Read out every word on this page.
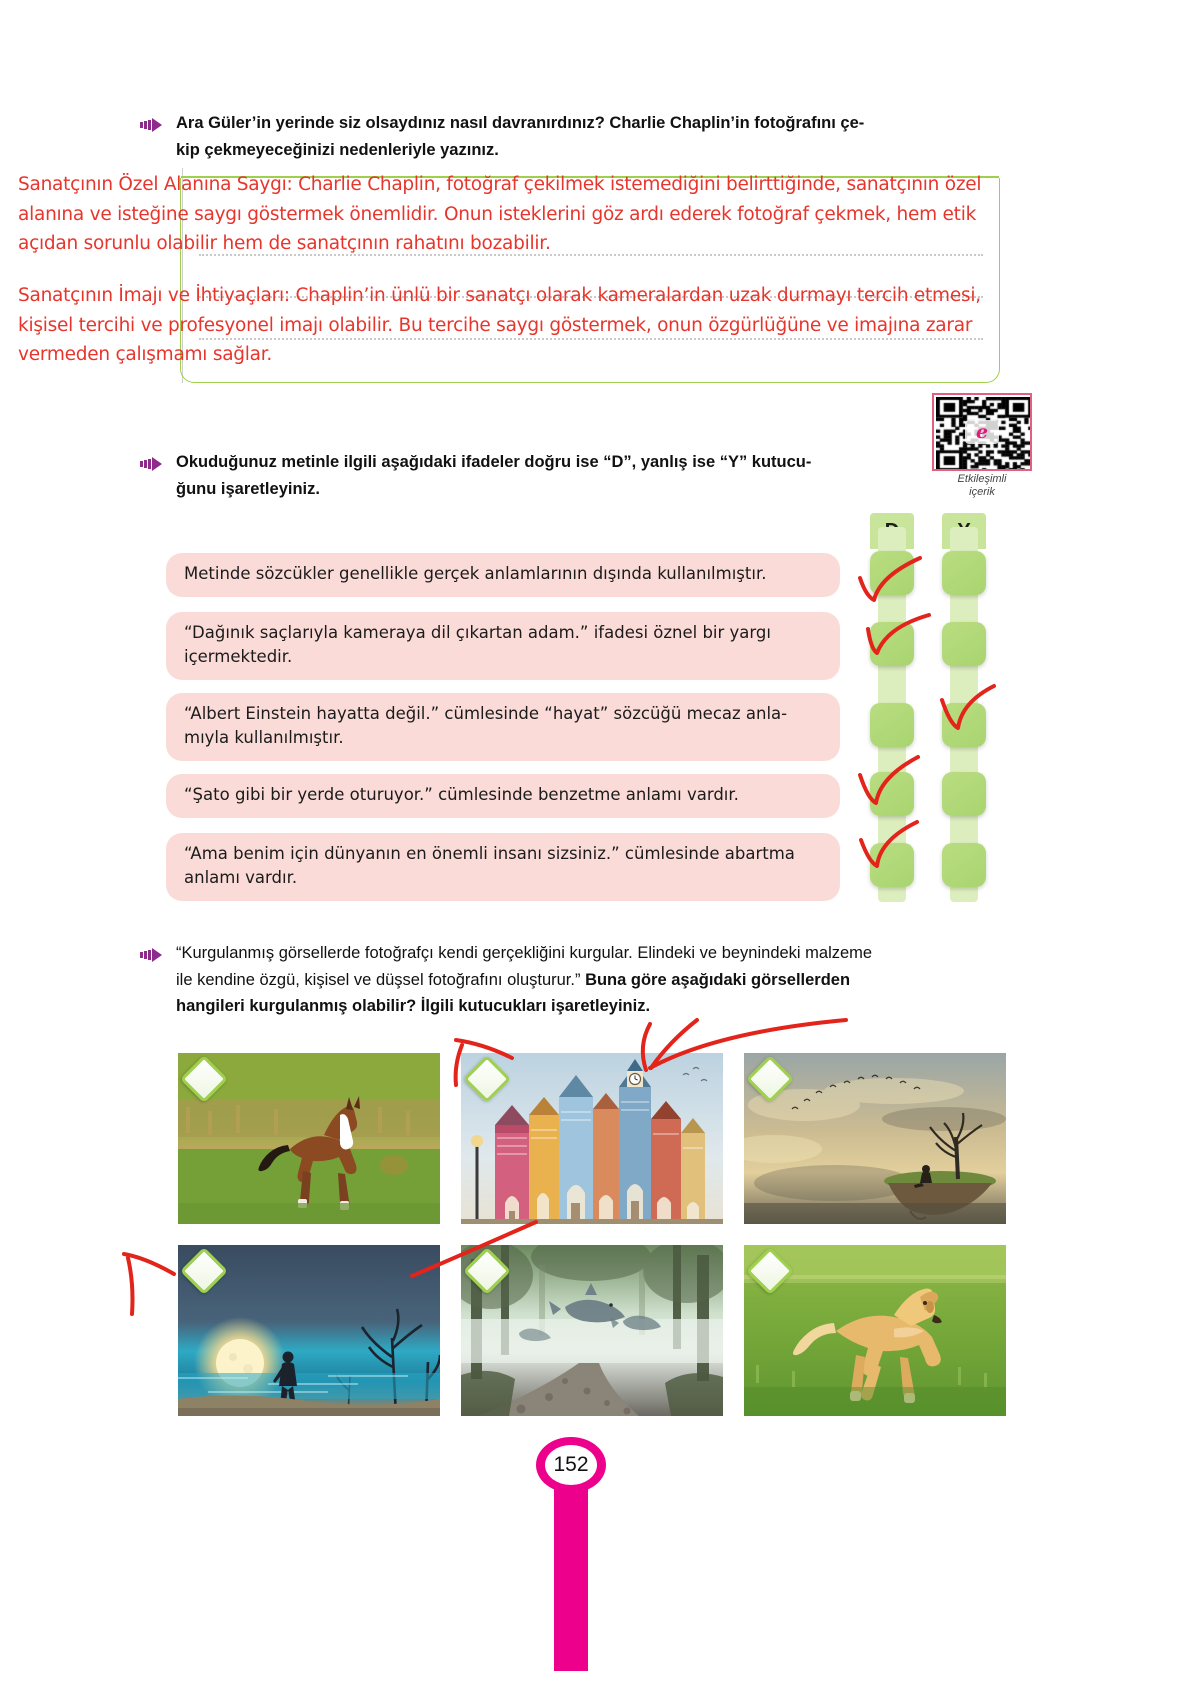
Ara Güler’in yerinde siz olsaydınız nasıl davranırdınız? Charlie Chaplin’in fotoğrafını çe-
kip çekmeyeceğinizi nedenleriyle yazınız.
Sanatçının Özel Alanına Saygı: Charlie Chaplin, fotoğraf çekilmek istemediğini belirttiğinde, sanatçının özel
alanına ve isteğine saygı göstermek önemlidir. Onun isteklerini göz ardı ederek fotoğraf çekmek, hem etik
açıdan sorunlu olabilir hem de sanatçının rahatını bozabilir.
Sanatçının İmajı ve İhtiyaçları: Chaplin’in ünlü bir sanatçı olarak kameralardan uzak durmayı tercih etmesi,
kişisel tercihi ve profesyonel imajı olabilir. Bu tercihe saygı göstermek, onun özgürlüğüne ve imajına zarar
vermeden çalışmamı sağlar.
e
Etkileşimli
içerik
Okuduğunuz metinle ilgili aşağıdaki ifadeler doğru ise “D”, yanlış ise “Y” kutucu-
ğunu işaretleyiniz.
Metinde sözcükler genellikle gerçek anlamlarının dışında kullanılmıştır.
“Dağınık saçlarıyla kameraya dil çıkartan adam.” ifadesi öznel bir yargı
içermektedir.
“Albert Einstein hayatta değil.” cümlesinde “hayat” sözcüğü mecaz anla-
mıyla kullanılmıştır.
“Şato gibi bir yerde oturuyor.” cümlesinde benzetme anlamı vardır.
“Ama benim için dünyanın en önemli insanı sizsiniz.” cümlesinde abartma
anlamı vardır.
“Kurgulanmış görsellerde fotoğrafçı kendi gerçekliğini kurgular. Elindeki ve beynindeki malzeme
ile kendine özgü, kişisel ve düşsel fotoğrafını oluşturur.” Buna göre aşağıdaki görsellerden
hangileri kurgulanmış olabilir? İlgili kutucukları işaretleyiniz.
152
